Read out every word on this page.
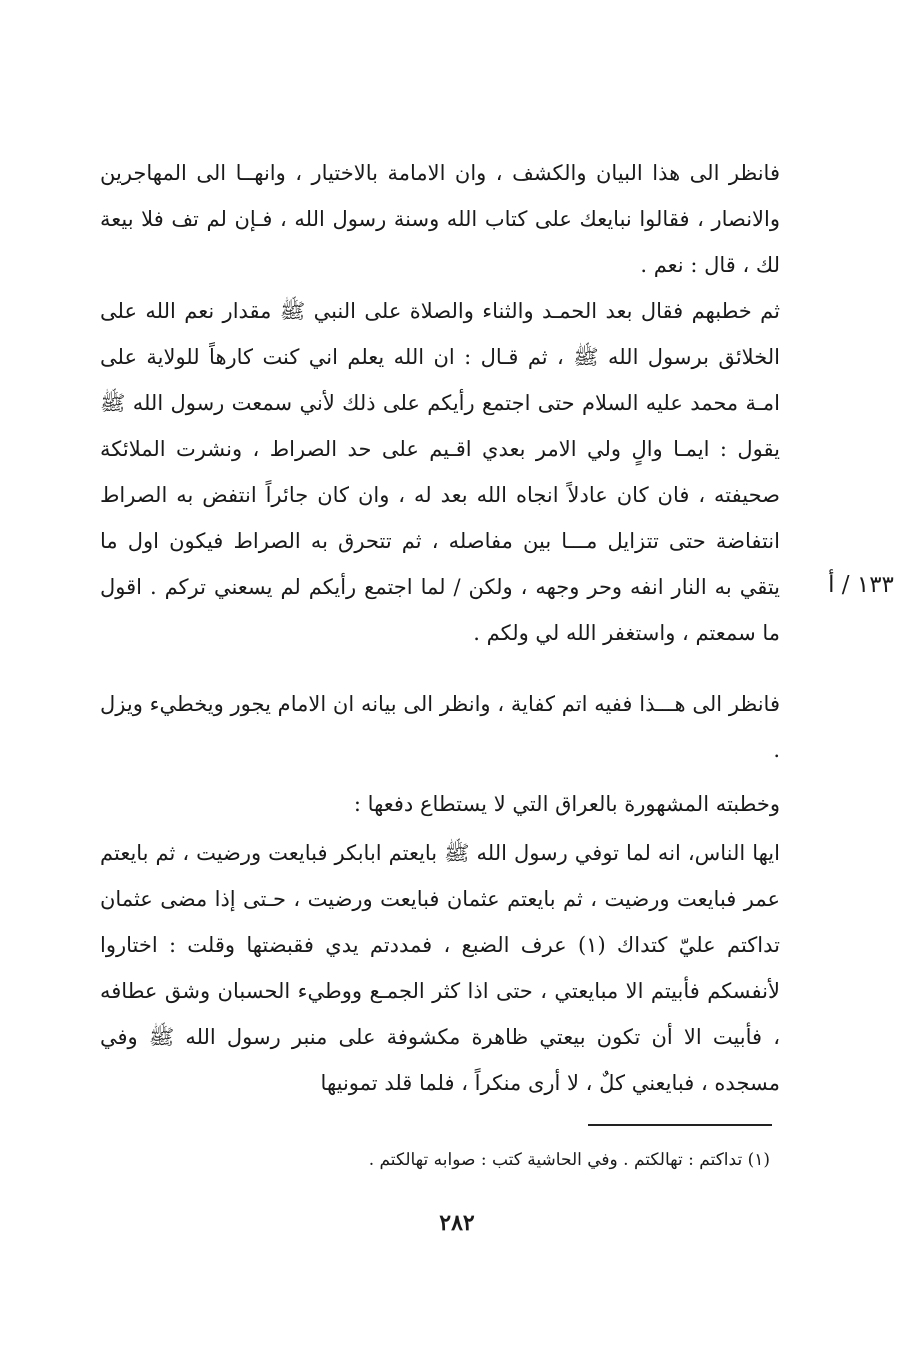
١٣٣ / أ

فانظر الى هذا البيان والكشف ، وان الامامة بالاختيار ، وانهــا الى المهاجرين والانصار ، فقالوا نبايعك على كتاب الله وسنة رسول الله ، فـإن لم تف فلا بيعة لك ، قال : نعم .

ثم خطبهم فقال بعد الحمـد والثناء والصلاة على النبي ﷺ مقدار نعم الله على الخلائق برسول الله ﷺ ، ثم قـال : ان الله يعلم اني كنت كارهاً للولاية على امـة محمد عليه السلام حتى اجتمع رأيكم على ذلك لأني سمعت رسول الله ﷺ يقول : ايمـا والٍ ولي الامر بعدي اقـيم على حد الصراط ، ونشرت الملائكة صحيفته ، فان كان عادلاً انجاه الله بعد له ، وان كان جائراً انتفض به الصراط انتفاضة حتى تتزايل مـــا بين مفاصله ، ثم تتحرق به الصراط فيكون اول ما يتقي به النار انفه وحر وجهه ، ولكن / لما اجتمع رأيكم لم يسعني تركم . اقول ما سمعتم ، واستغفر الله لي ولكم .

فانظر الى هـــذا ففيه اتم كفاية ، وانظر الى بيانه ان الامام يجور ويخطيء ويزل .

وخطبته المشهورة بالعراق التي لا يستطاع دفعها :

ايها الناس، انه لما توفي رسول الله ﷺ بايعتم ابابكر فبايعت ورضيت ، ثم بايعتم عمر فبايعت ورضيت ، ثم بايعتم عثمان فبايعت ورضيت ، حـتى إذا مضى عثمان تداكتم عليّ كتداك (١) عرف الضبع ، فمددتم يدي فقبضتها وقلت : اختاروا لأنفسكم فأبيتم الا مبايعتي ، حتى اذا كثر الجمـع ووطيء الحسبان وشق عطافه ، فأبيت الا أن تكون بيعتي ظاهرة مكشوفة على منبر رسول الله ﷺ وفي مسجده ، فبايعني كلٌ ، لا أرى منكراً ، فلما قلد تمونيها

(١) تداكتم : تهالكتم . وفي الحاشية كتب : صوابه تهالكتم .
٢٨٢
